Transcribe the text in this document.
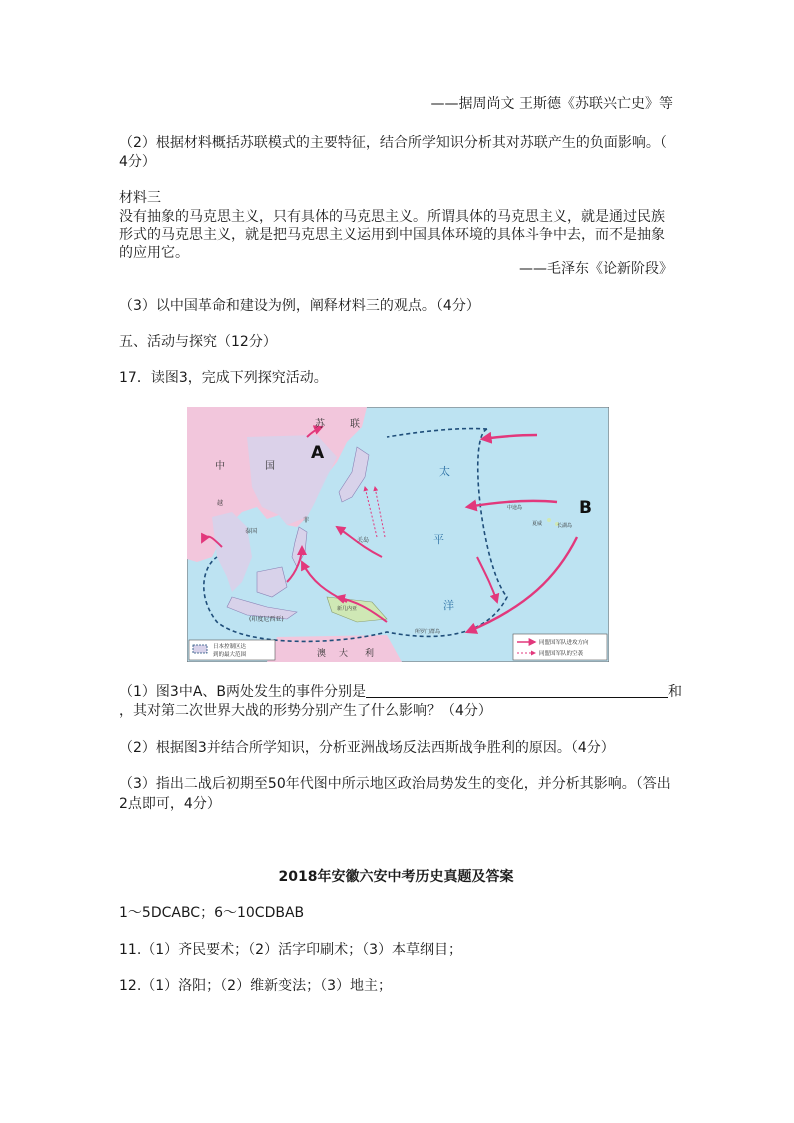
——据周尚文 王斯德《苏联兴亡史》等
（2）根据材料概括苏联模式的主要特征，结合所学知识分析其对苏联产生的负面影响。（
4分）
材料三
没有抽象的马克思主义，只有具体的马克思主义。所谓具体的马克思主义，就是通过民族
形式的马克思主义，就是把马克思主义运用到中国具体环境的具体斗争中去，而不是抽象
的应用它。
——毛泽东《论新阶段》
（3）以中国革命和建设为例，阐释材料三的观点。（4分）
五、活动与探究（12分）
17．读图3，完成下列探究活动。
苏	联
中	国
A
B
太
平
洋
泰国
越
菲
关岛
中途岛
长湖岛
夏威
(印度尼西亚)
所罗门群岛
新几内亚
澳 大 利
日本控制区达
到的最大范围
同盟国军队进攻方向
同盟国军队的空袭
（1）图3中A、B两处发生的事件分别是	和
，其对第二次世界大战的形势分别产生了什么影响？（4分）
（2）根据图3并结合所学知识，分析亚洲战场反法西斯战争胜利的原因。（4分）
（3）指出二战后初期至50年代图中所示地区政治局势发生的变化，并分析其影响。（答出
2点即可，4分）
2018年安徽六安中考历史真题及答案
1～5DCABC；6～10CDBAB
11.（1）齐民要术；（2）活字印刷术；（3）本草纲目；
12.（1）洛阳；（2）维新变法；（3）地主；
